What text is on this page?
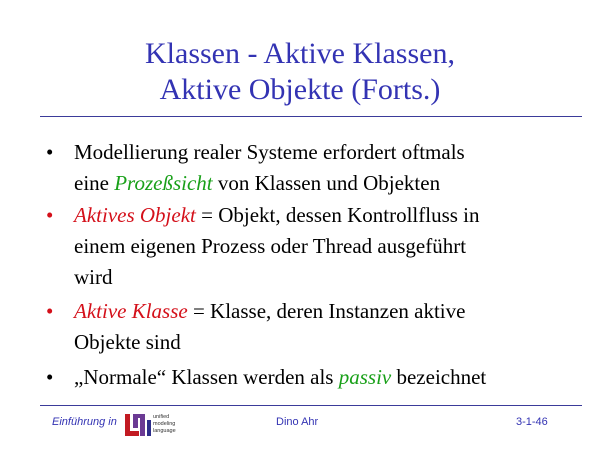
Klassen - Aktive Klassen,
Aktive Objekte (Forts.)
• Modellierung realer Systeme erfordert oftmals
eine Prozeßsicht von Klassen und Objekten
• Aktives Objekt = Objekt, dessen Kontrollfluss in
einem eigenen Prozess oder Thread ausgeführt
wird
• Aktive Klasse = Klasse, deren Instanzen aktive
Objekte sind
• „Normale“ Klassen werden als passiv bezeichnet
Einführung in	unified
modeling
language
Dino Ahr	3-1-46
